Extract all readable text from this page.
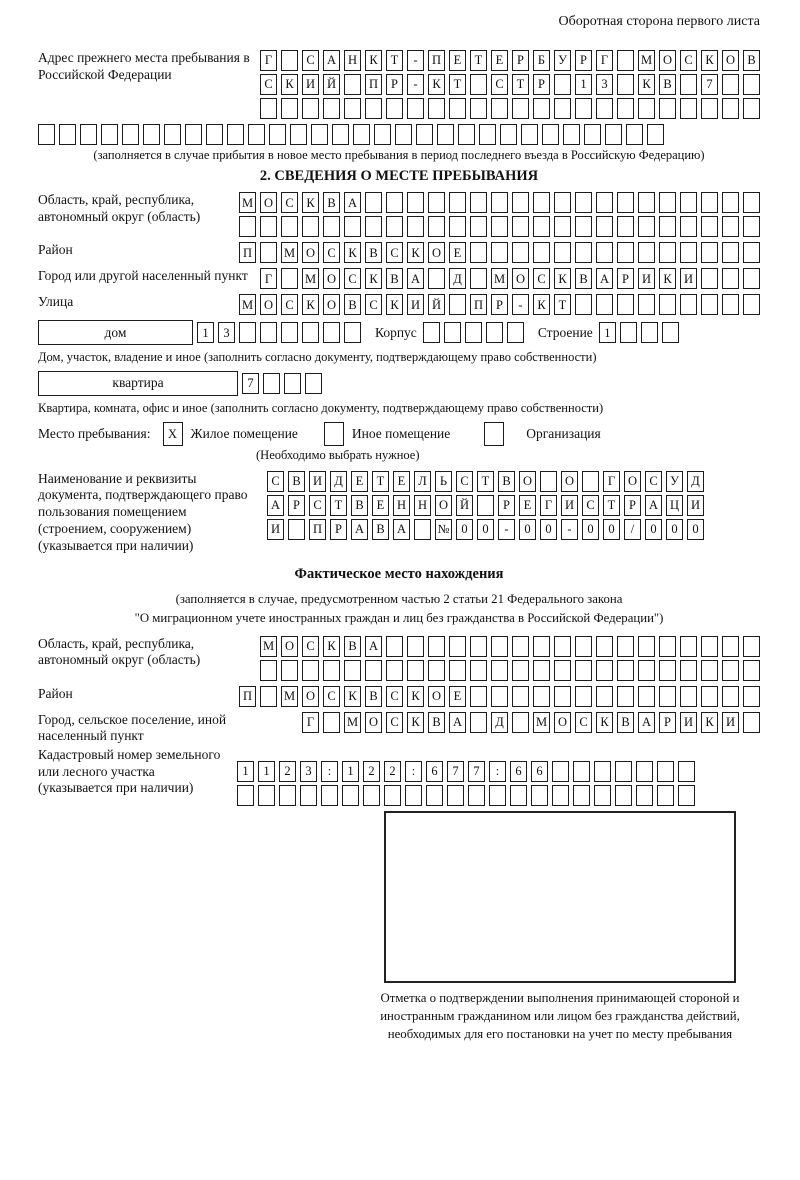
Оборотная сторона первого листа
Адрес прежнего места пребывания в Российской Федерации
Г	С А Н К	Т	-	П	Е	Т	Е	Р	Б	У	Р	Г	М О С	К О В
С	К И Й	П	Р	-	К	Т	С	Т	Р	1	3	К	В	7
(заполняется в случае прибытия в новое место пребывания в период последнего въезда в Российскую Федерацию)
2. СВЕДЕНИЯ О МЕСТЕ ПРЕБЫВАНИЯ
Область, край, республика, автономный округ (область)
М О С	К	В А
Район	П	М О С	К	В	С	К О	Е
Город или другой населенный пункт	Г	М О С	К	В А	Д	М О С	К	В А	Р	И К И
Улица	М О С	К О В	С	К И Й	П	Р	-	К	Т
дом	1	3	Корпус	Строение 1
Дом, участок, владение и иное (заполнить согласно документу, подтверждающему право собственности)
квартира	7
Квартира, комната, офис и иное (заполнить согласно документу, подтверждающему право собственности)
Место пребывания:	X Жилое помещение	Иное помещение	Организация
(Необходимо выбрать нужное)
Наименование и реквизиты документа, подтверждающего право пользования помещением (строением, сооружением) (указывается при наличии)
С	В И Д	Е	Т	Е	Л	Ь	С	Т	В О	О	Г	О С У Д
А	Р	С	Т	В	Е	Н Н О Й	Р	Е	Г	И С	Т	Р	А Ц И
И	П	Р	А В А	№ 0	0	-	0	0	-	0	0	/	0	0	0
Фактическое место нахождения
(заполняется в случае, предусмотренном частью 2 статьи 21 Федерального закона
"О миграционном учете иностранных граждан и лиц без гражданства в Российской Федерации")
Область, край, республика, автономный округ (область)
М О С	К	В А
Район	П	М О С	К	В	С	К О	Е
Город, сельское поселение, иной населенный пункт
Г	М О С	К	В А	Д	М О С	К	В А	Р	И К И
Кадастровый номер земельного или лесного участка (указывается при наличии)
1	1	2	3	:	1	2	2	:	6	7	7	:	6	6
Отметка о подтверждении выполнения принимающей стороной и иностранным гражданином или лицом без гражданства действий, необходимых для его постановки на учет по месту пребывания
